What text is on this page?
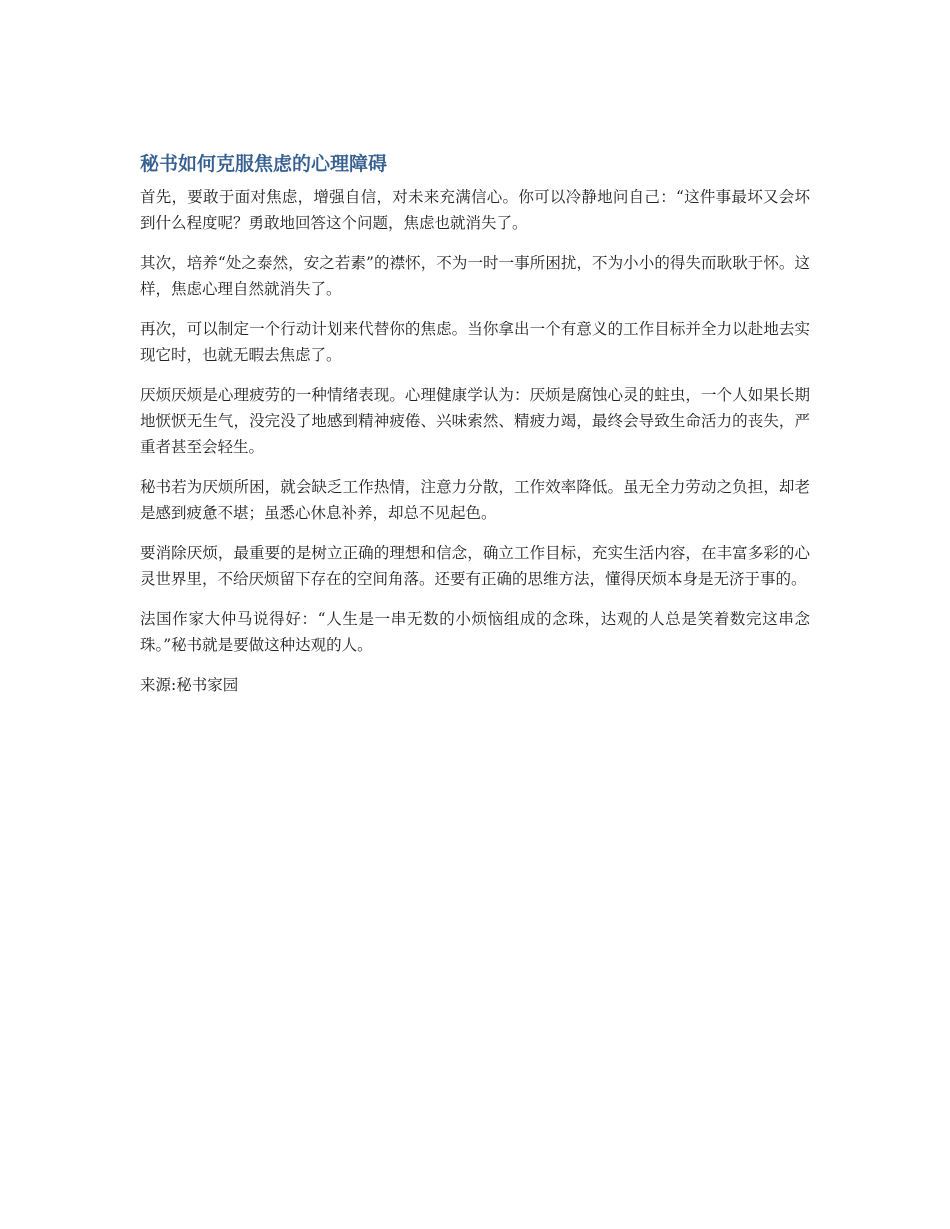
秘书如何克服焦虑的心理障碍

首先，要敢于面对焦虑，增强自信，对未来充满信心。你可以冷静地问自己：“这件事最坏又会坏到什么程度呢？勇敢地回答这个问题，焦虑也就消失了。

其次，培养“处之泰然，安之若素”的襟怀，不为一时一事所困扰，不为小小的得失而耿耿于怀。这样，焦虑心理自然就消失了。

再次，可以制定一个行动计划来代替你的焦虑。当你拿出一个有意义的工作目标并全力以赴地去实现它时，也就无暇去焦虑了。

厌烦厌烦是心理疲劳的一种情绪表现。心理健康学认为：厌烦是腐蚀心灵的蛀虫，一个人如果长期地恹恹无生气，没完没了地感到精神疲倦、兴味索然、精疲力竭，最终会导致生命活力的丧失，严重者甚至会轻生。

秘书若为厌烦所困，就会缺乏工作热情，注意力分散，工作效率降低。虽无全力劳动之负担，却老是感到疲惫不堪；虽悉心休息补养，却总不见起色。

要消除厌烦，最重要的是树立正确的理想和信念，确立工作目标，充实生活内容，在丰富多彩的心灵世界里，不给厌烦留下存在的空间角落。还要有正确的思维方法，懂得厌烦本身是无济于事的。

法国作家大仲马说得好：“人生是一串无数的小烦恼组成的念珠，达观的人总是笑着数完这串念珠。”秘书就是要做这种达观的人。

来源:秘书家园
